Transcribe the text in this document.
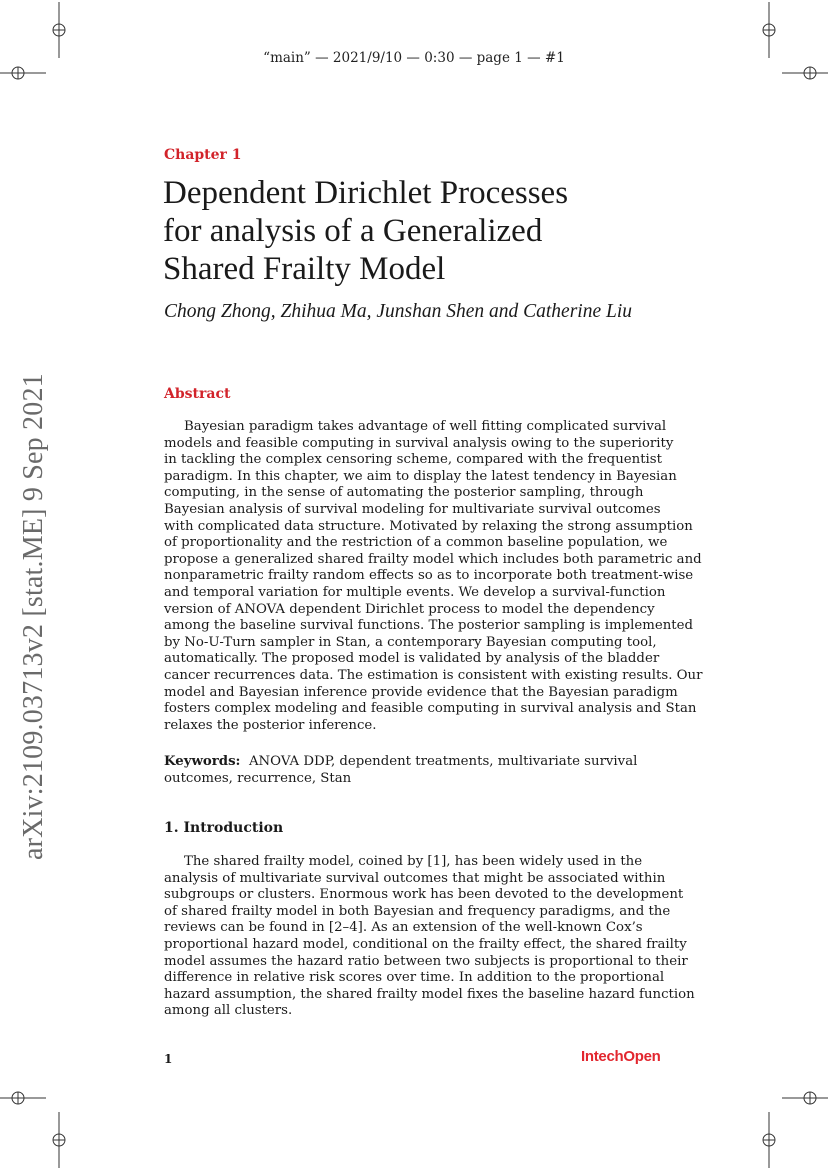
“main” — 2021/9/10 — 0:30 — page 1 — #1
arXiv:2109.03713v2 [stat.ME] 9 Sep 2021
Chapter 1
Dependent Dirichlet Processes
for analysis of a Generalized
Shared Frailty Model
Chong Zhong, Zhihua Ma, Junshan Shen and Catherine Liu
Abstract

Bayesian paradigm takes advantage of well fitting complicated survival
models and feasible computing in survival analysis owing to the superiority
in tackling the complex censoring scheme, compared with the frequentist
paradigm. In this chapter, we aim to display the latest tendency in Bayesian
computing, in the sense of automating the posterior sampling, through
Bayesian analysis of survival modeling for multivariate survival outcomes
with complicated data structure. Motivated by relaxing the strong assumption
of proportionality and the restriction of a common baseline population, we
propose a generalized shared frailty model which includes both parametric and
nonparametric frailty random effects so as to incorporate both treatment-wise
and temporal variation for multiple events. We develop a survival-function
version of ANOVA dependent Dirichlet process to model the dependency
among the baseline survival functions. The posterior sampling is implemented
by No-U-Turn sampler in Stan, a contemporary Bayesian computing tool,
automatically. The proposed model is validated by analysis of the bladder
cancer recurrences data. The estimation is consistent with existing results. Our
model and Bayesian inference provide evidence that the Bayesian paradigm
fosters complex modeling and feasible computing in survival analysis and Stan
relaxes the posterior inference.

Keywords: ANOVA DDP, dependent treatments, multivariate survival
outcomes, recurrence, Stan
1. Introduction

The shared frailty model, coined by [1], has been widely used in the
analysis of multivariate survival outcomes that might be associated within
subgroups or clusters. Enormous work has been devoted to the development
of shared frailty model in both Bayesian and frequency paradigms, and the
reviews can be found in [2–4]. As an extension of the well-known Cox’s
proportional hazard model, conditional on the frailty effect, the shared frailty
model assumes the hazard ratio between two subjects is proportional to their
difference in relative risk scores over time. In addition to the proportional
hazard assumption, the shared frailty model fixes the baseline hazard function
among all clusters.

1	IntechOpen
